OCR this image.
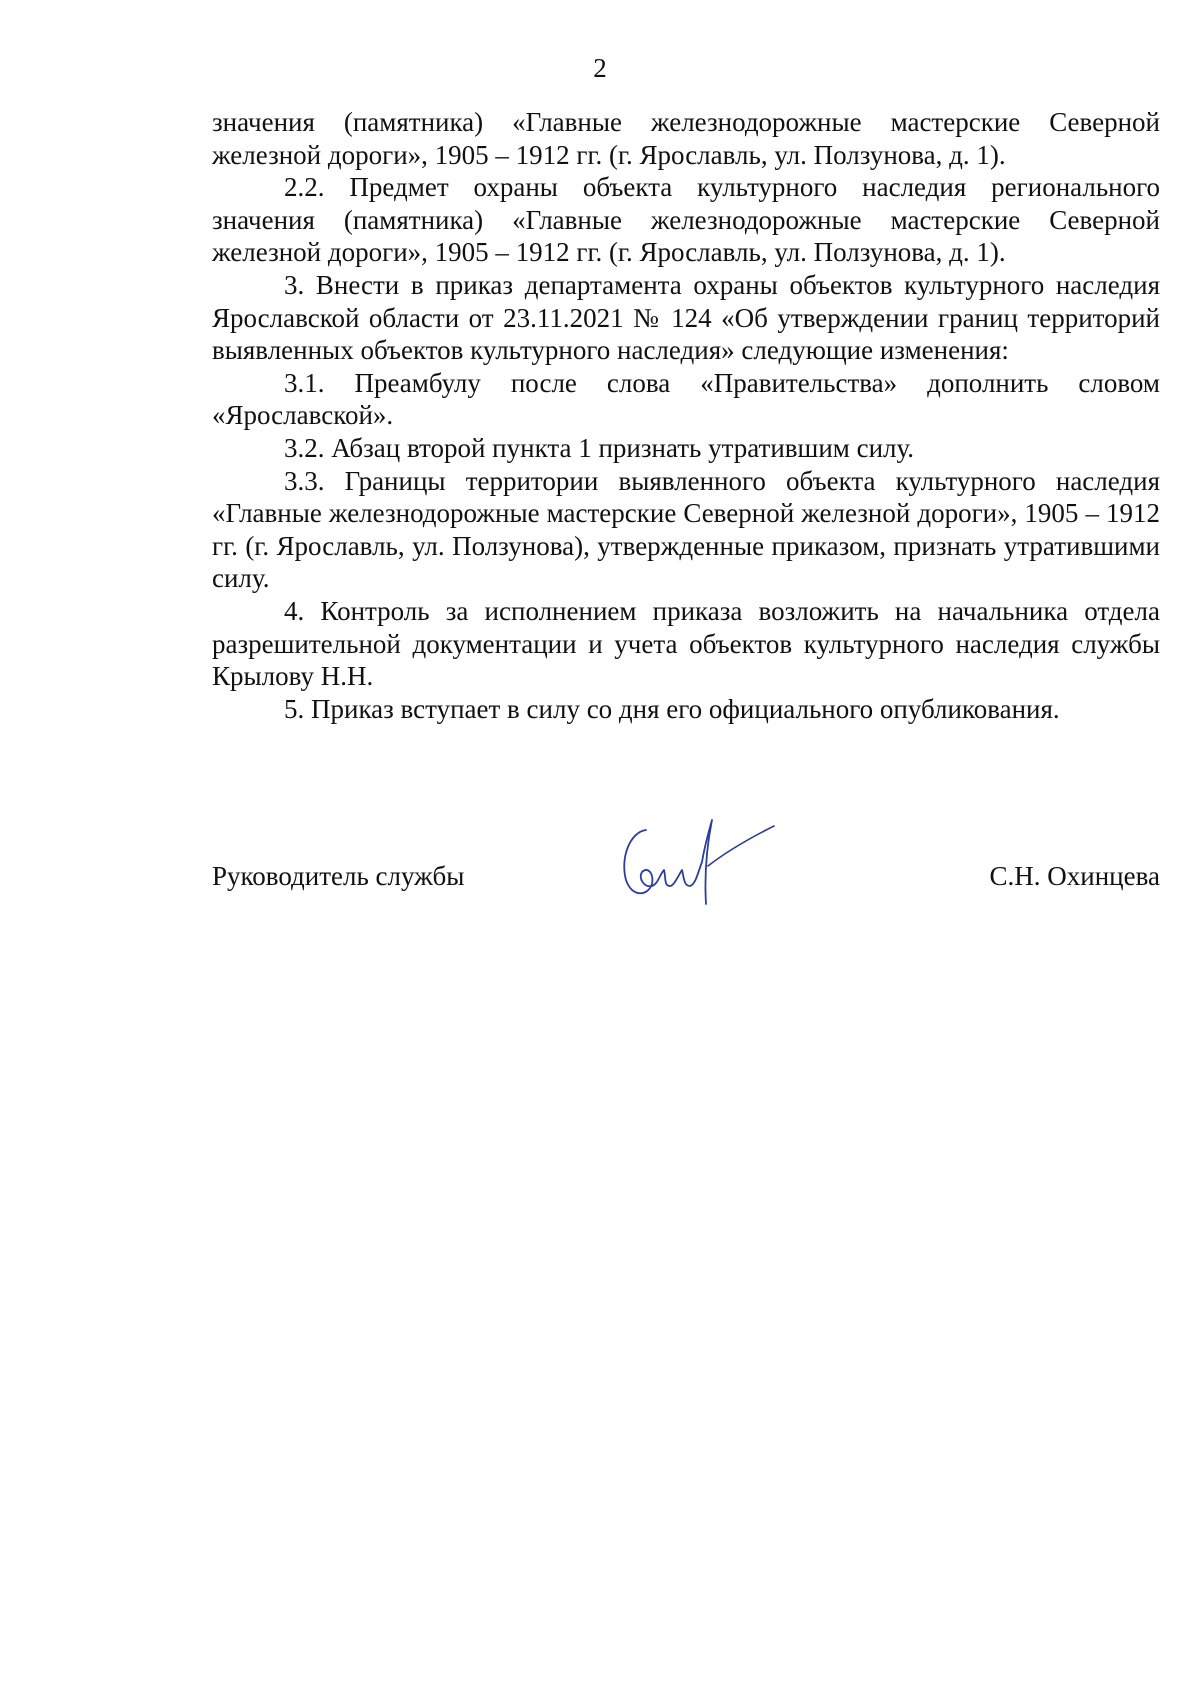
2

значения (памятника) «Главные железнодорожные мастерские Северной железной дороги», 1905 – 1912 гг. (г. Ярославль, ул. Ползунова, д. 1).

2.2. Предмет охраны объекта культурного наследия регионального значения (памятника) «Главные железнодорожные мастерские Северной железной дороги», 1905 – 1912 гг. (г. Ярославль, ул. Ползунова, д. 1).

3. Внести в приказ департамента охраны объектов культурного наследия Ярославской области от 23.11.2021 № 124 «Об утверждении границ территорий выявленных объектов культурного наследия» следующие изменения:

3.1. Преамбулу после слова «Правительства» дополнить словом «Ярославской».

3.2. Абзац второй пункта 1 признать утратившим силу.

3.3. Границы территории выявленного объекта культурного наследия «Главные железнодорожные мастерские Северной железной дороги», 1905 – 1912 гг. (г. Ярославль, ул. Ползунова), утвержденные приказом, признать утратившими силу.

4. Контроль за исполнением приказа возложить на начальника отдела разрешительной документации и учета объектов культурного наследия службы Крылову Н.Н.

5. Приказ вступает в силу со дня его официального опубликования.

Руководитель службы	С.Н. Охинцева
